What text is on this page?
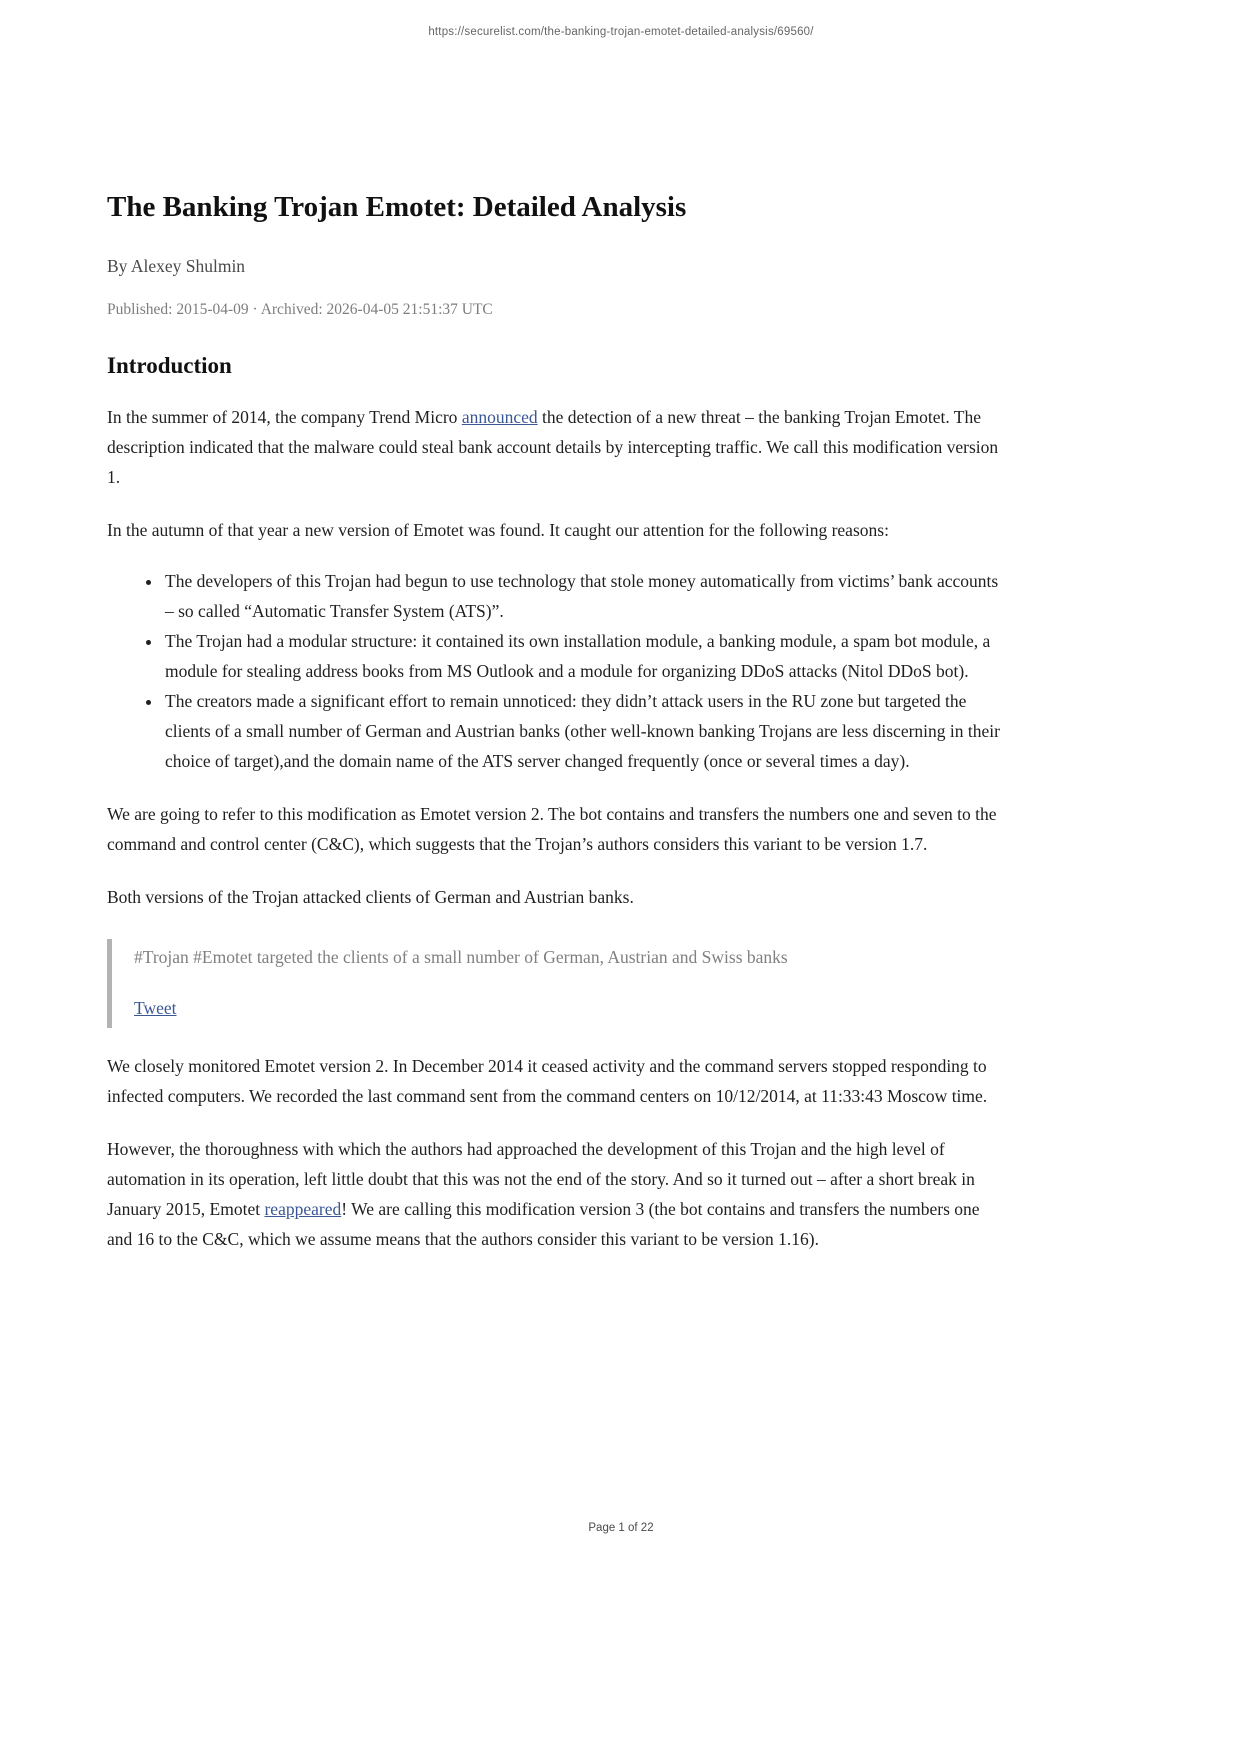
https://securelist.com/the-banking-trojan-emotet-detailed-analysis/69560/
The Banking Trojan Emotet: Detailed Analysis

By Alexey Shulmin

Published: 2015-04-09 · Archived: 2026-04-05 21:51:37 UTC

Introduction

In the summer of 2014, the company Trend Micro announced the detection of a new threat – the banking Trojan Emotet. The description indicated that the malware could steal bank account details by intercepting traffic. We call this modification version 1.

In the autumn of that year a new version of Emotet was found. It caught our attention for the following reasons:

• The developers of this Trojan had begun to use technology that stole money automatically from victims’ bank accounts – so called “Automatic Transfer System (ATS)”.
• The Trojan had a modular structure: it contained its own installation module, a banking module, a spam bot module, a module for stealing address books from MS Outlook and a module for organizing DDoS attacks (Nitol DDoS bot).
• The creators made a significant effort to remain unnoticed: they didn’t attack users in the RU zone but targeted the clients of a small number of German and Austrian banks (other well-known banking Trojans are less discerning in their choice of target),and the domain name of the ATS server changed frequently (once or several times a day).

We are going to refer to this modification as Emotet version 2. The bot contains and transfers the numbers one and seven to the command and control center (C&C), which suggests that the Trojan’s authors considers this variant to be version 1.7.

Both versions of the Trojan attacked clients of German and Austrian banks.

#Trojan #Emotet targeted the clients of a small number of German, Austrian and Swiss banks

Tweet

We closely monitored Emotet version 2. In December 2014 it ceased activity and the command servers stopped responding to infected computers. We recorded the last command sent from the command centers on 10/12/2014, at 11:33:43 Moscow time.

However, the thoroughness with which the authors had approached the development of this Trojan and the high level of automation in its operation, left little doubt that this was not the end of the story. And so it turned out – after a short break in January 2015, Emotet reappeared! We are calling this modification version 3 (the bot contains and transfers the numbers one and 16 to the C&C, which we assume means that the authors consider this variant to be version 1.16).

Page 1 of 22
